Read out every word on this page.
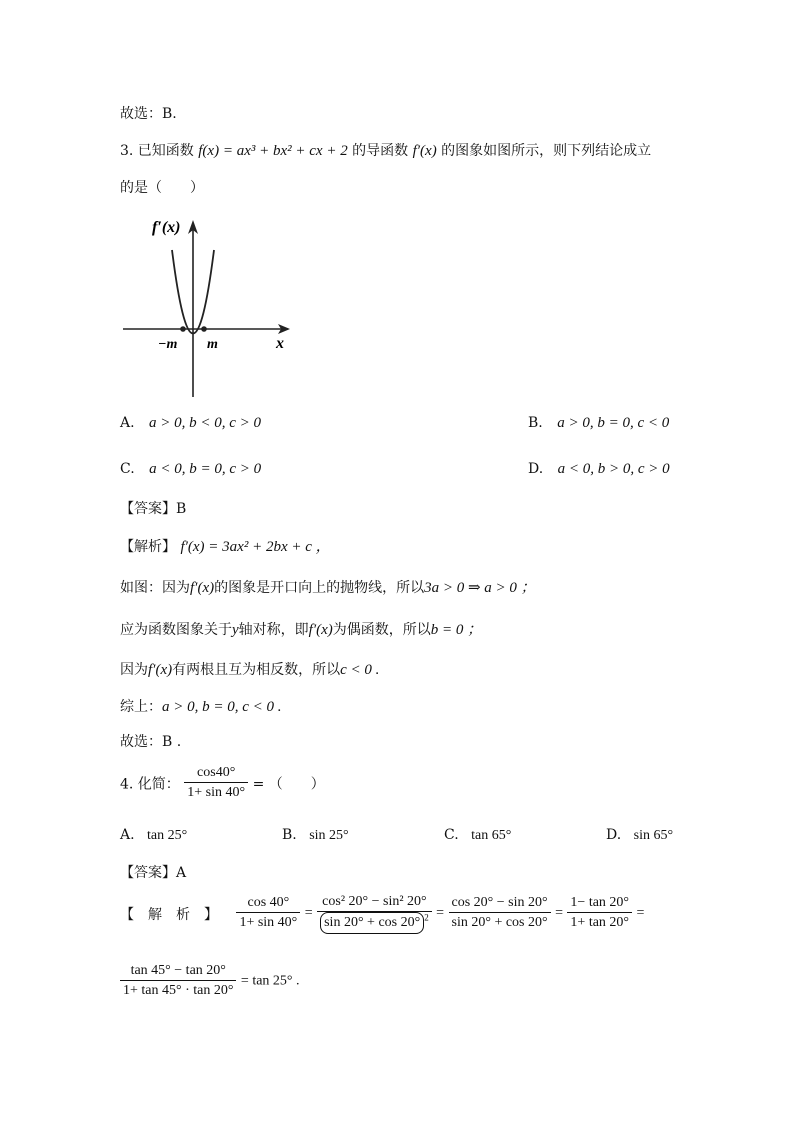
故选：B.
3. 已知函数 f(x) = ax³ + bx² + cx + 2 的导函数 f′(x) 的图象如图所示，则下列结论成立
的是（　　）
f′(x)
x
−m m
A. a > 0, b < 0, c > 0	B. a > 0, b = 0, c < 0
C. a < 0, b = 0, c > 0	D. a < 0, b > 0, c > 0
【答案】B
【解析】 f′(x) = 3ax² + 2bx + c ，
如图：因为f′(x)的图象是开口向上的抛物线，所以3a > 0 ⇒ a > 0 ；
应为函数图象关于y轴对称，即f′(x)为偶函数，所以b = 0 ；
因为f′(x)有两根且互为相反数，所以c < 0 .
综上：a > 0, b = 0, c < 0 .
故选：B .
4. 化简： $\frac{\cos 40^\circ}{1+ \sin 40^\circ}$ = （　　）
A. tan 25°	B. sin 25°	C. tan 65°	D. sin 65°
【答案】A
【　解　析　】 $\frac{\cos 40^\circ}{1+ \sin 40^\circ} = \frac{\text{cos² 20° − sin² 20°}}{\sin 20^\circ + \cos 20^\circ ^2} = \frac{\cos 20^\circ - \sin 20^\circ}{\sin 20^\circ + \cos 20^\circ} = \frac{1- \tan 20^\circ}{1+ \tan 20^\circ}$ =
$\frac{\tan 45^\circ - \tan 20^\circ}{1+ \tan 45^\circ \cdot \tan 20^\circ} = \tan 25^\circ$ .
